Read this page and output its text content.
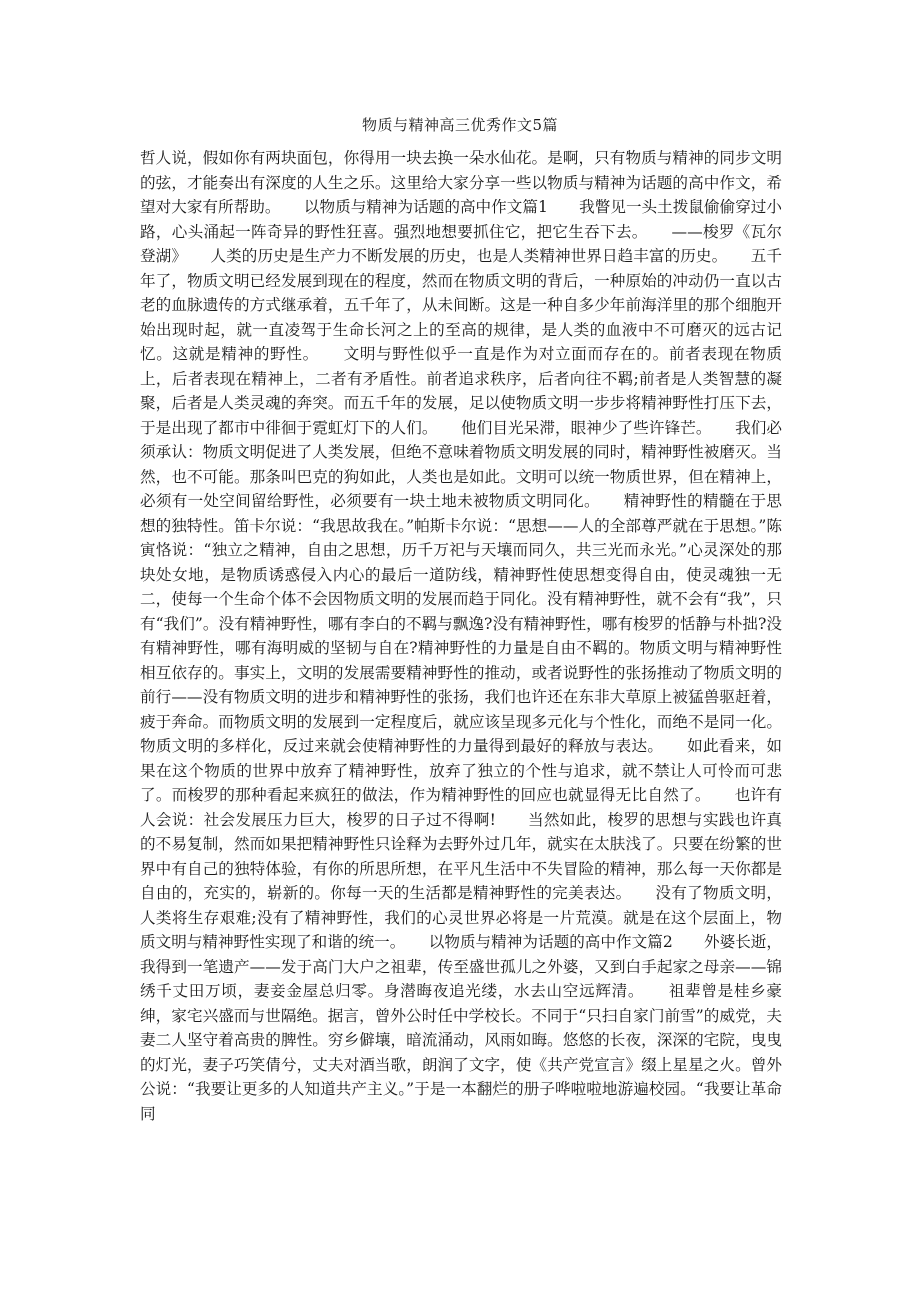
物质与精神高三优秀作文5篇
哲人说，假如你有两块面包，你得用一块去换一朵水仙花。是啊，只有物质与精神的同步文明的弦，才能奏出有深度的人生之乐。这里给大家分享一些以物质与精神为话题的高中作文，希望对大家有所帮助。　　以物质与精神为话题的高中作文篇1　　我瞥见一头土拨鼠偷偷穿过小路，心头涌起一阵奇异的野性狂喜。强烈地想要抓住它，把它生吞下去。　　——梭罗《瓦尔登湖》　　人类的历史是生产力不断发展的历史，也是人类精神世界日趋丰富的历史。　　五千年了，物质文明已经发展到现在的程度，然而在物质文明的背后，一种原始的冲动仍一直以古老的血脉遗传的方式继承着，五千年了，从未间断。这是一种自多少年前海洋里的那个细胞开始出现时起，就一直凌驾于生命长河之上的至高的规律，是人类的血液中不可磨灭的远古记忆。这就是精神的野性。　　文明与野性似乎一直是作为对立面而存在的。前者表现在物质上，后者表现在精神上，二者有矛盾性。前者追求秩序，后者向往不羁;前者是人类智慧的凝聚，后者是人类灵魂的奔突。而五千年的发展，足以使物质文明一步步将精神野性打压下去，于是出现了都市中徘徊于霓虹灯下的人们。　　他们目光呆滞，眼神少了些许锋芒。　　我们必须承认：物质文明促进了人类发展，但绝不意味着物质文明发展的同时，精神野性被磨灭。当然，也不可能。那条叫巴克的狗如此，人类也是如此。文明可以统一物质世界，但在精神上，必须有一处空间留给野性，必须要有一块土地未被物质文明同化。　　精神野性的精髓在于思想的独特性。笛卡尔说：“我思故我在。”帕斯卡尔说：“思想——人的全部尊严就在于思想。”陈寅恪说：“独立之精神，自由之思想，历千万祀与天壤而同久，共三光而永光。”心灵深处的那块处女地，是物质诱惑侵入内心的最后一道防线，精神野性使思想变得自由，使灵魂独一无二，使每一个生命个体不会因物质文明的发展而趋于同化。没有精神野性，就不会有“我”，只有“我们”。没有精神野性，哪有李白的不羁与飘逸?没有精神野性，哪有梭罗的恬静与朴拙?没有精神野性，哪有海明威的坚韧与自在?精神野性的力量是自由不羁的。物质文明与精神野性相互依存的。事实上，文明的发展需要精神野性的推动，或者说野性的张扬推动了物质文明的前行——没有物质文明的进步和精神野性的张扬，我们也许还在东非大草原上被猛兽驱赶着，疲于奔命。而物质文明的发展到一定程度后，就应该呈现多元化与个性化，而绝不是同一化。物质文明的多样化，反过来就会使精神野性的力量得到最好的释放与表达。　　如此看来，如果在这个物质的世界中放弃了精神野性，放弃了独立的个性与追求，就不禁让人可怜而可悲了。而梭罗的那种看起来疯狂的做法，作为精神野性的回应也就显得无比自然了。　　也许有人会说：社会发展压力巨大，梭罗的日子过不得啊!　　当然如此，梭罗的思想与实践也许真的不易复制，然而如果把精神野性只诠释为去野外过几年，就实在太肤浅了。只要在纷繁的世界中有自己的独特体验，有你的所思所想，在平凡生活中不失冒险的精神，那么每一天你都是自由的，充实的，崭新的。你每一天的生活都是精神野性的完美表达。　　没有了物质文明，人类将生存艰难;没有了精神野性，我们的心灵世界必将是一片荒漠。就是在这个层面上，物质文明与精神野性实现了和谐的统一。　　以物质与精神为话题的高中作文篇2　　外婆长逝，我得到一笔遗产——发于高门大户之祖辈，传至盛世孤儿之外婆，又到白手起家之母亲——锦绣千丈田万顷，妻妾金屋总归零。身潜晦夜追光缕，水去山空远辉清。　　祖辈曾是桂乡豪绅，家宅兴盛而与世隔绝。据言，曾外公时任中学校长。不同于“只扫自家门前雪”的威党，夫妻二人坚守着高贵的脾性。穷乡僻壤，暗流涌动，风雨如晦。悠悠的长夜，深深的宅院，曳曳的灯光，妻子巧笑倩兮，丈夫对酒当歌，朗润了文字，使《共产党宣言》缀上星星之火。曾外公说：“我要让更多的人知道共产主义。”于是一本翻烂的册子哗啦啦地游遍校园。“我要让革命同
